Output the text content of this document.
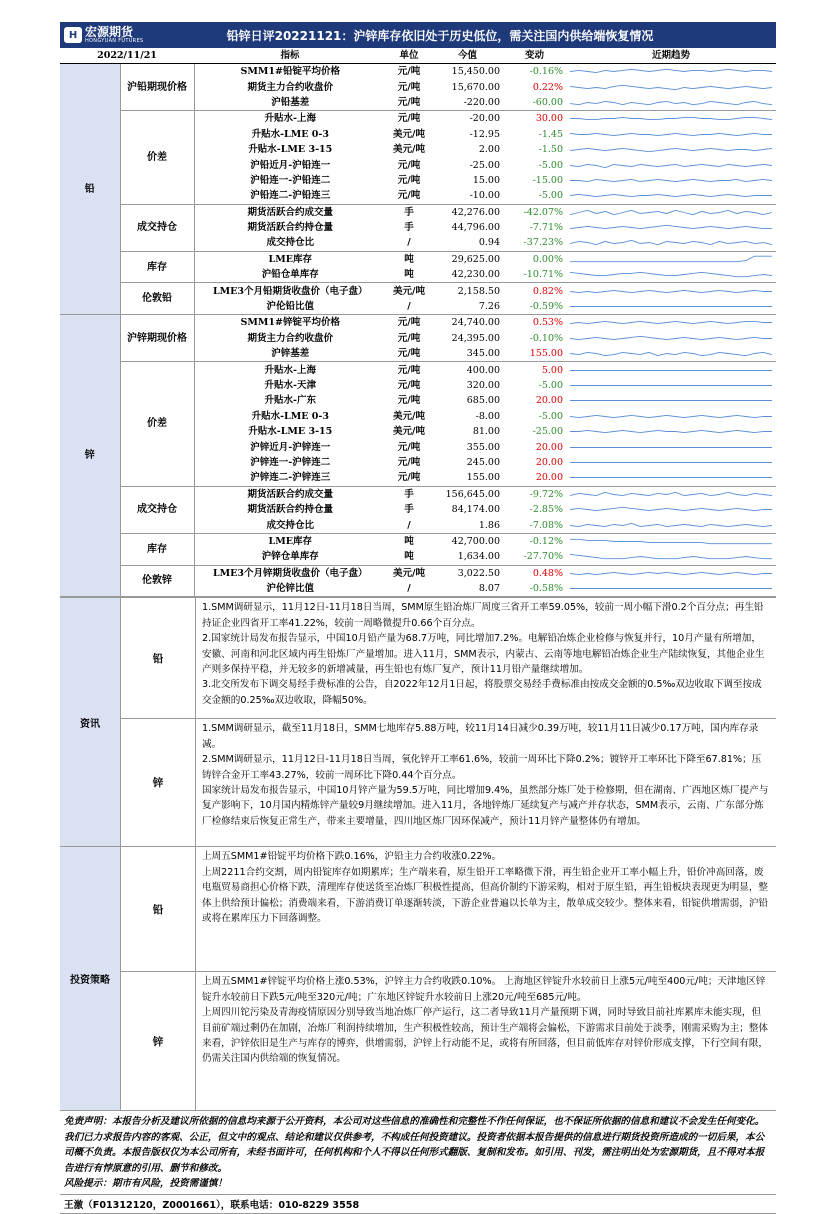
H 宏源期货
HONGYUAN FUTURES	铅锌日评20221121：沪锌库存依旧处于历史低位，需关注国内供给端恢复情况
2022/11/21		指标	单位	今值	变动	近期趋势
铅	沪铅期现价格	SMM1#铅锭平均价格	元/吨	15,450.00	-0.16%	

		期货主力合约收盘价	元/吨	15,670.00	0.22%	

		沪铅基差	元/吨	-220.00	-60.00	

	价差	升贴水-上海	元/吨	-20.00	30.00	

		升贴水-LME 0-3	美元/吨	-12.95	-1.45	

		升贴水-LME 3-15	美元/吨	2.00	-1.50	

		沪铅近月-沪铅连一	元/吨	-25.00	-5.00	

		沪铅连一-沪铅连二	元/吨	15.00	-15.00	

		沪铅连二-沪铅连三	元/吨	-10.00	-5.00	

	成交持仓	期货活跃合约成交量	手	42,276.00	-42.07%	

		期货活跃合约持仓量	手	44,796.00	-7.71%	

		成交持仓比	/	0.94	-37.23%	

	库存	LME库存	吨	29,625.00	0.00%	

		沪铅仓单库存	吨	42,230.00	-10.71%	

	伦敦铅	LME3个月铅期货收盘价（电子盘）	美元/吨	2,158.50	0.82%	

		沪伦铅比值	/	7.26	-0.59%	

锌	沪锌期现价格	SMM1#锌锭平均价格	元/吨	24,740.00	0.53%	

		期货主力合约收盘价	元/吨	24,395.00	-0.10%	

		沪锌基差	元/吨	345.00	155.00	

	价差	升贴水-上海	元/吨	400.00	5.00	

		升贴水-天津	元/吨	320.00	-5.00	

		升贴水-广东	元/吨	685.00	20.00	

		升贴水-LME 0-3	美元/吨	-8.00	-5.00	

		升贴水-LME 3-15	美元/吨	81.00	-25.00	

		沪锌近月-沪锌连一	元/吨	355.00	20.00	

		沪锌连一-沪锌连二	元/吨	245.00	20.00	

		沪锌连二-沪锌连三	元/吨	155.00	20.00	

	成交持仓	期货活跃合约成交量	手	156,645.00	-9.72%	

		期货活跃合约持仓量	手	84,174.00	-2.85%	

		成交持仓比	/	1.86	-7.08%	

	库存	LME库存	吨	42,700.00	-0.12%	

		沪锌仓单库存	吨	1,634.00	-27.70%	

	伦敦锌	LME3个月锌期货收盘价（电子盘）	美元/吨	3,022.50	0.48%	

		沪伦锌比值	/	8.07	-0.58%	
资讯
铅

1.SMM调研显示，11月12日-11月18日当周，SMM原生铅冶炼厂周度三省开工率59.05%，较前一周小幅下滑0.2个百分点；再生铅持证企业四省开工率41.22%，较前一周略微提升0.66个百分点。

2.国家统计局发布报告显示，中国10月铅产量为68.7万吨，同比增加7.2%。电解铅冶炼企业检修与恢复并行，10月产量有所增加，安徽、河南和河北区域内再生铅炼厂产量增加。进入11月，SMM表示，内蒙古、云南等地电解铅冶炼企业生产陆续恢复，其他企业生产则多保持平稳，并无较多的新增减量，再生铅也有炼厂复产，预计11月铅产量继续增加。

3.北交所发布下调交易经手费标准的公告，自2022年12月1日起，将股票交易经手费标准由按成交金额的0.5‰双边收取下调至按成交金额的0.25‰双边收取，降幅50%。

锌

1.SMM调研显示，截至11月18日，SMM七地库存5.88万吨，较11月14日减少0.39万吨，较11月11日减少0.17万吨，国内库存录减。

2.SMM调研显示，11月12日-11月18日当周，氧化锌开工率61.6%，较前一周环比下降0.2%；镀锌开工率环比下降至67.81%；压铸锌合金开工率43.27%，较前一周环比下降0.44个百分点。

国家统计局发布报告显示，中国10月锌产量为59.5万吨，同比增加9.4%，虽然部分炼厂处于检修期，但在湖南、广西地区炼厂提产与复产影响下，10月国内精炼锌产量较9月继续增加。进入11月，各地锌炼厂延续复产与减产并存状态，SMM表示，云南、广东部分炼厂检修结束后恢复正常生产，带来主要增量，四川地区炼厂因环保减产，预计11月锌产量整体仍有增加。

投资策略
铅

上周五SMM1#铅锭平均价格下跌0.16%，沪铅主力合约收涨0.22%。

上周2211合约交割，周内铅锭库存如期累库；生产端来看，原生铅开工率略微下滑，再生铅企业开工率小幅上升，铅价冲高回落，废电瓶贸易商担心价格下跌，清理库存使送货至冶炼厂积极性提高，但高价制约下游采购，相对于原生铅，再生铅板块表现更为明显，整体上供给预计偏松；消费端来看，下游消费订单逐渐转淡，下游企业普遍以长单为主，散单成交较少。整体来看，铅锭供增需弱，沪铅或将在累库压力下回落调整。

锌

上周五SMM1#锌锭平均价格上涨0.53%，沪锌主力合约收跌0.10%。 上海地区锌锭升水较前日上涨5元/吨至400元/吨；天津地区锌锭升水较前日下跌5元/吨至320元/吨；广东地区锌锭升水较前日上涨20元/吨至685元/吨。

上周四川铊污染及青海疫情原因分别导致当地冶炼厂停产运行，这二者导致11月产量预期下调，同时导致目前社库累库未能实现，但目前矿端过剩仍在加剧，冶炼厂利润持续增加，生产积极性较高，预计生产端将会偏松，下游需求目前处于淡季，刚需采购为主；整体来看，沪锌依旧是生产与库存的博弈，供增需弱，沪锌上行动能不足，或将有所回落，但目前低库存对锌价形成支撑，下行空间有限，仍需关注国内供给端的恢复情况。

免责声明：本报告分析及建议所依据的信息均来源于公开资料，本公司对这些信息的准确性和完整性不作任何保证，也不保证所依据的信息和建议不会发生任何变化。我们已力求报告内容的客观、公正，但文中的观点、结论和建议仅供参考，不构成任何投资建议。投资者依据本报告提供的信息进行期货投资所造成的一切后果，本公司概不负责。本报告版权仅为本公司所有，未经书面许可，任何机构和个人不得以任何形式翻版、复制和发布。如引用、刊发，需注明出处为宏源期货，且不得对本报告进行有悖原意的引用、删节和修改。
风险提示：期市有风险，投资需谨慎！
王激（F01312120，Z0001661），联系电话：010-8229 3558
